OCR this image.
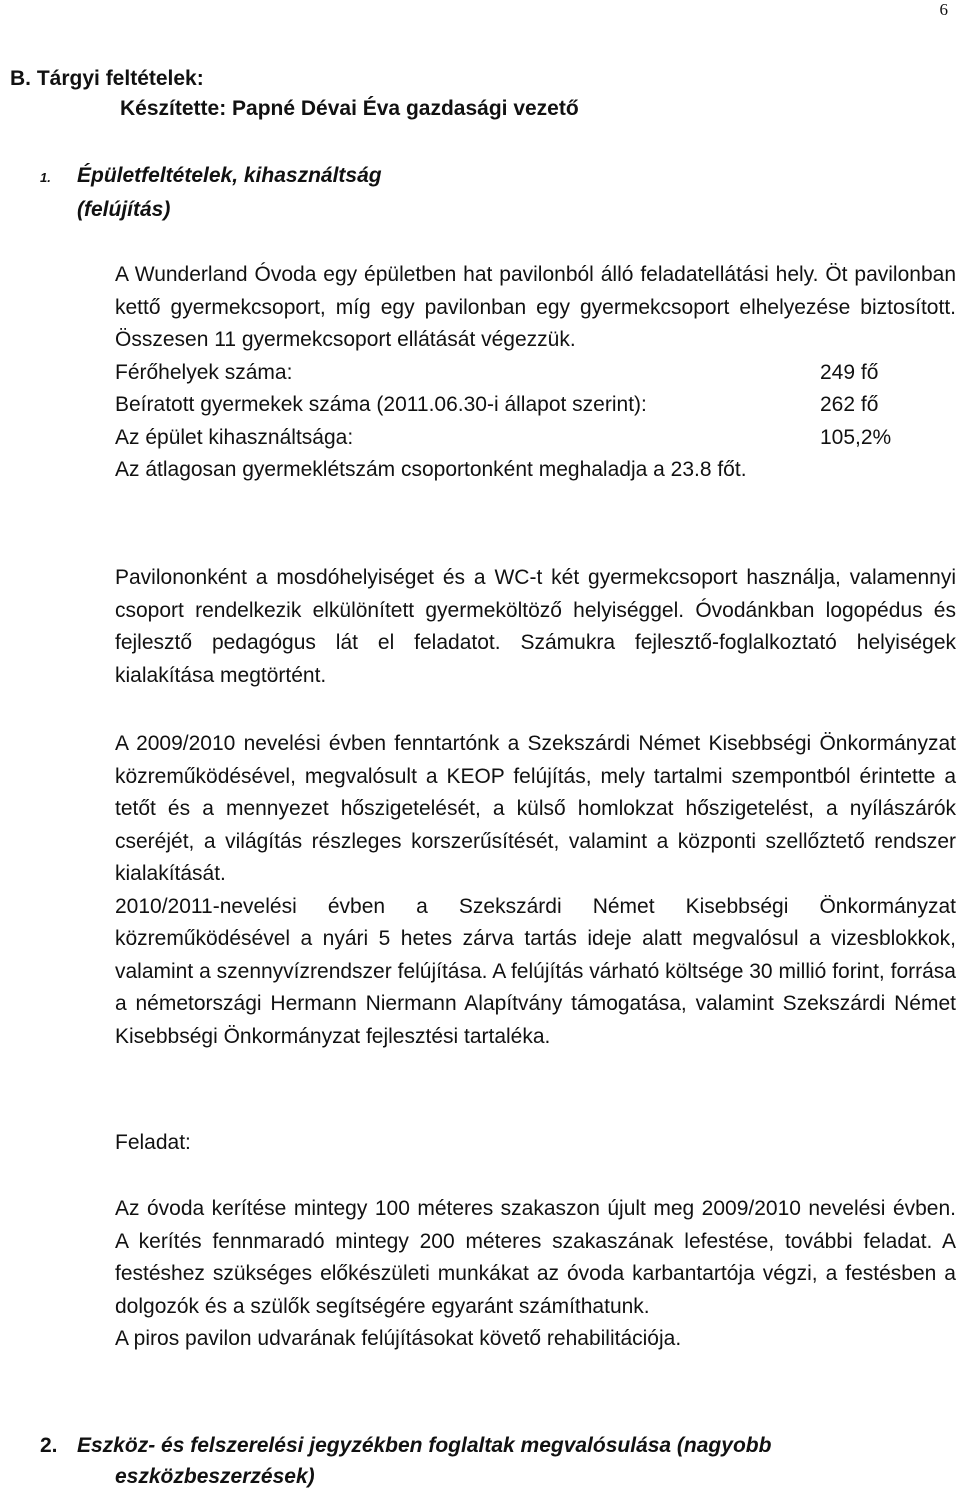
6
B. Tárgyi feltételek:
Készítette: Papné Dévai Éva gazdasági vezető
1. Épületfeltételek, kihasználtság
(felújítás)

A Wunderland Óvoda egy épületben hat pavilonból álló feladatellátási hely. Öt pavilonban kettő gyermekcsoport, míg egy pavilonban egy gyermekcsoport elhelyezése biztosított. Összesen 11 gyermekcsoport ellátását végezzük.

Férőhelyek száma:	249 fő
Beíratott gyermekek száma (2011.06.30-i állapot szerint):	262 fő
Az épület kihasználtsága:	105,2%
Az átlagosan gyermeklétszám csoportonként meghaladja a 23.8 főt.

Pavilononként a mosdóhelyiséget és a WC-t két gyermekcsoport használja, valamennyi csoport rendelkezik elkülönített gyermeköltöző helyiséggel. Óvodánkban logopédus és fejlesztő pedagógus lát el feladatot. Számukra fejlesztő-foglalkoztató helyiségek kialakítása megtörtént.

A 2009/2010 nevelési évben fenntartónk a Szekszárdi Német Kisebbségi Önkormányzat közreműködésével, megvalósult a KEOP felújítás, mely tartalmi szempontból érintette a tetőt és a mennyezet hőszigetelését, a külső homlokzat hőszigetelést, a nyílászárók cseréjét, a világítás részleges korszerűsítését, valamint a központi szellőztető rendszer kialakítását.

2010/2011-nevelési évben a Szekszárdi Német Kisebbségi Önkormányzat közreműködésével a nyári 5 hetes zárva tartás ideje alatt megvalósul a vizesblokkok, valamint a szennyvízrendszer felújítása. A felújítás várható költsége 30 millió forint, forrása a németországi Hermann Niermann Alapítvány támogatása, valamint Szekszárdi Német Kisebbségi Önkormányzat fejlesztési tartaléka.

Feladat:

Az óvoda kerítése mintegy 100 méteres szakaszon újult meg 2009/2010 nevelési évben. A kerítés fennmaradó mintegy 200 méteres szakaszának lefestése, további feladat. A festéshez szükséges előkészületi munkákat az óvoda karbantartója végzi, a festésben a dolgozók és a szülők segítségére egyaránt számíthatunk.

A piros pavilon udvarának felújításokat követő rehabilitációja.

2. Eszköz- és felszerelési jegyzékben foglaltak megvalósulása (nagyobb
eszközbeszerzések)
